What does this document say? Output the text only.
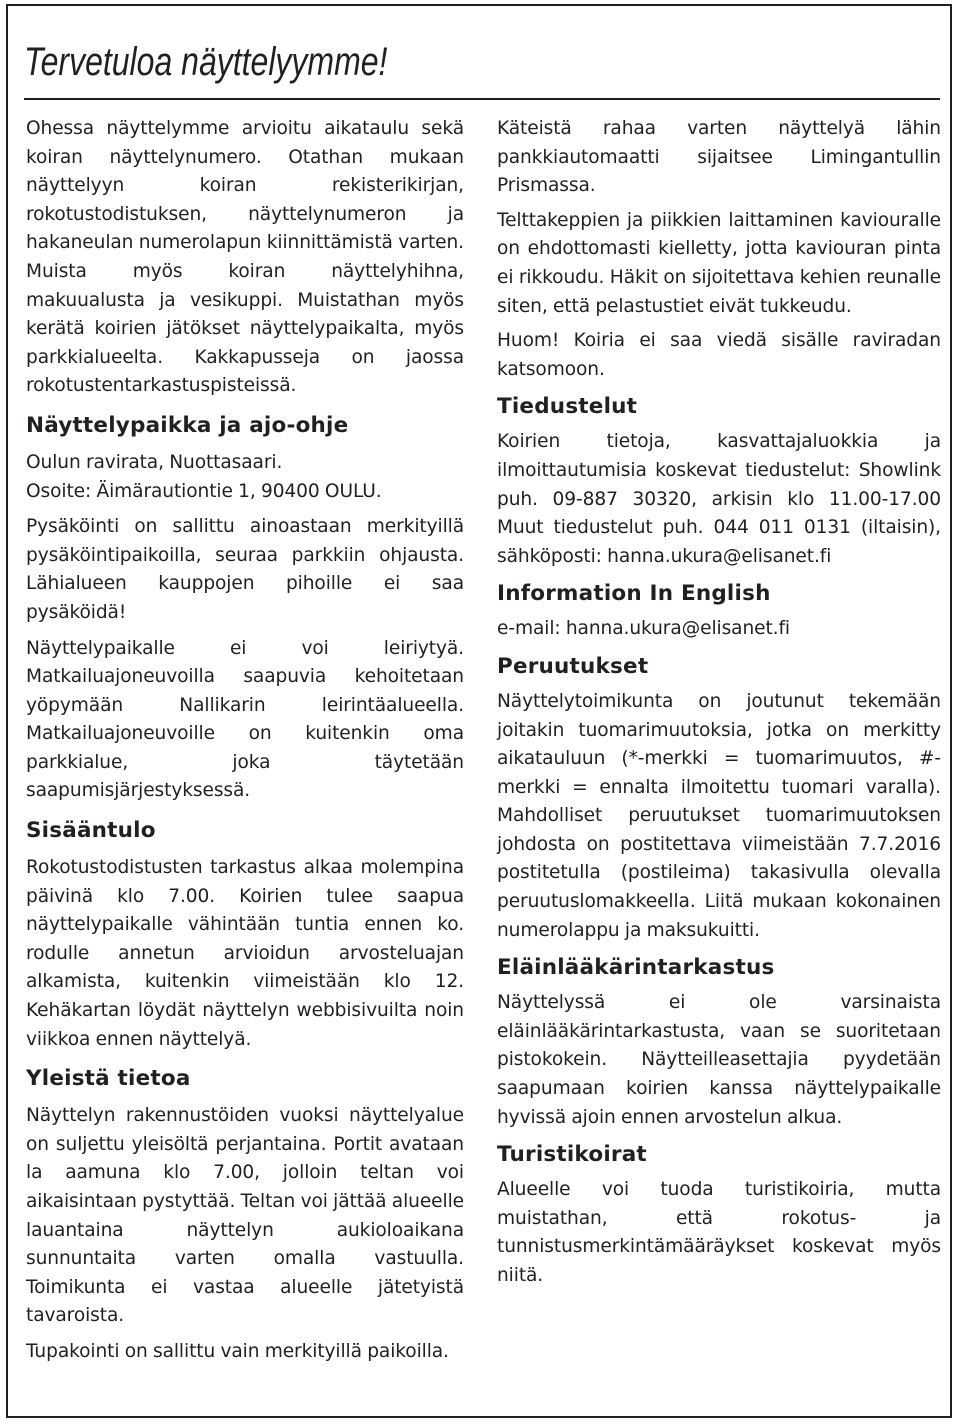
Tervetuloa näyttelyymme!

Ohessa näyttelymme arvioitu aikataulu sekä koiran näyttelynumero. Otathan mukaan näyttelyyn koiran rekisterikirjan, rokotustodistuksen, näyttelynumeron ja hakaneulan numerolapun kiinnittämistä varten. Muista myös koiran näyttelyhihna, makuualusta ja vesikuppi. Muistathan myös kerätä koirien jätökset näyttelypaikalta, myös parkkialueelta. Kakkapusseja on jaossa rokotustentarkastuspisteissä.

Näyttelypaikka ja ajo-ohje

Oulun ravirata, Nuottasaari.

Osoite: Äimärautiontie 1, 90400 OULU.

Pysäköinti on sallittu ainoastaan merkityillä pysäköintipaikoilla, seuraa parkkiin ohjausta. Lähialueen kauppojen pihoille ei saa pysäköidä!

Näyttelypaikalle ei voi leiriytyä. Matkailuajoneuvoilla saapuvia kehoitetaan yöpymään Nallikarin leirintäalueella. Matkailuajoneuvoille on kuitenkin oma parkkialue, joka täytetään saapumisjärjestyksessä.

Sisääntulo

Rokotustodistusten tarkastus alkaa molempina päivinä klo 7.00. Koirien tulee saapua näyttelypaikalle vähintään tuntia ennen ko. rodulle annetun arvioidun arvosteluajan alkamista, kuitenkin viimeistään klo 12. Kehäkartan löydät näyttelyn webbisivuilta noin viikkoa ennen näyttelyä.

Yleistä tietoa

Näyttelyn rakennustöiden vuoksi näyttelyalue on suljettu yleisöltä perjantaina. Portit avataan la aamuna klo 7.00, jolloin teltan voi aikaisintaan pystyttää. Teltan voi jättää alueelle lauantaina näyttelyn aukioloaikana sunnuntaita varten omalla vastuulla. Toimikunta ei vastaa alueelle jätetyistä tavaroista.

Tupakointi on sallittu vain merkityillä paikoilla.

Käteistä rahaa varten näyttelyä lähin pankkiautomaatti sijaitsee Limingantullin Prismassa.

Telttakeppien ja piikkien laittaminen kaviouralle on ehdottomasti kielletty, jotta kaviouran pinta ei rikkoudu. Häkit on sijoitettava kehien reunalle siten, että pelastustiet eivät tukkeudu.

Huom! Koiria ei saa viedä sisälle raviradan katsomoon.

Tiedustelut

Koirien tietoja, kasvattajaluokkia ja ilmoittautumisia koskevat tiedustelut: Showlink puh. 09-887 30320, arkisin klo 11.00-17.00 Muut tiedustelut puh. 044 011 0131 (iltaisin), sähköposti: hanna.ukura@elisanet.fi

Information In English

e-mail: hanna.ukura@elisanet.fi

Peruutukset

Näyttelytoimikunta on joutunut tekemään joitakin tuomarimuutoksia, jotka on merkitty aikatauluun (*-merkki = tuomarimuutos, #-merkki = ennalta ilmoitettu tuomari varalla). Mahdolliset peruutukset tuomarimuutoksen johdosta on postitettava viimeistään 7.7.2016 postitetulla (postileima) takasivulla olevalla peruutuslomakkeella. Liitä mukaan kokonainen numerolappu ja maksukuitti.

Eläinlääkärintarkastus

Näyttelyssä ei ole varsinaista eläinlääkärintarkastusta, vaan se suoritetaan pistokokein. Näytteilleasettajia pyydetään saapumaan koirien kanssa näyttelypaikalle hyvissä ajoin ennen arvostelun alkua.

Turistikoirat

Alueelle voi tuoda turistikoiria, mutta muistathan, että rokotus- ja tunnistusmerkintämääräykset koskevat myös niitä.
